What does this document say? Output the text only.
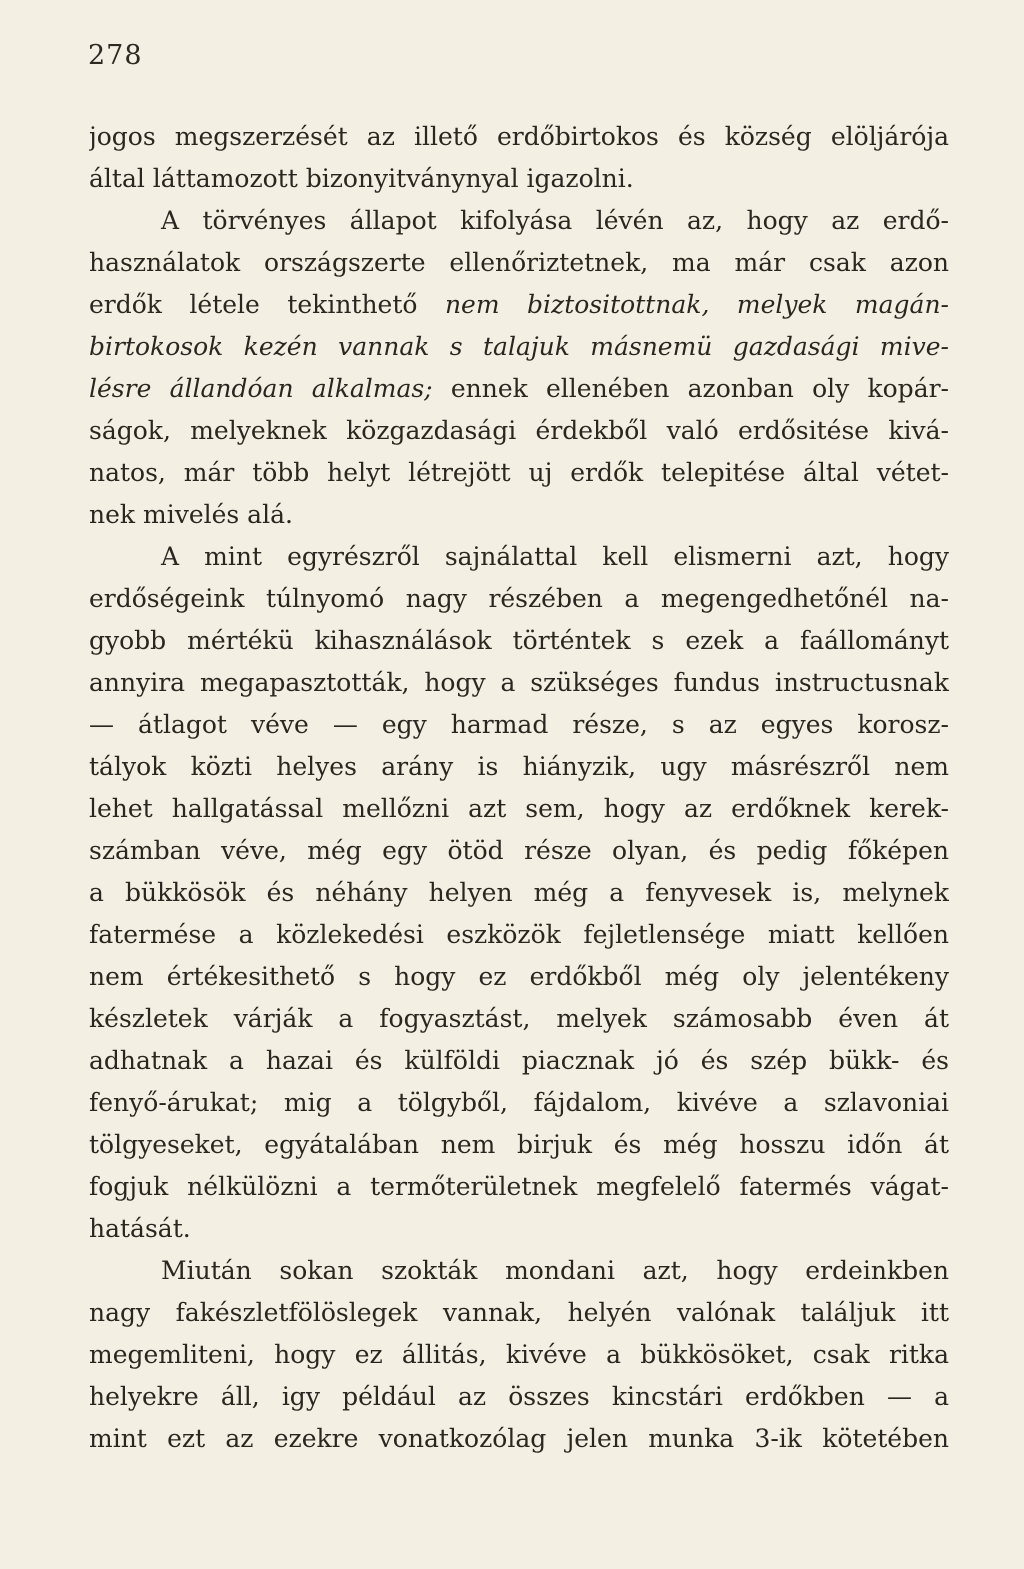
278
jogos megszerzését az illető erdőbirtokos és község elöljárója
által láttamozott bizonyitványnyal igazolni.
A törvényes állapot kifolyása lévén az, hogy az erdő-
használatok országszerte ellenőriztetnek, ma már csak azon
erdők létele tekinthető nem biztositottnak, melyek magán-
birtokosok kezén vannak s talajuk másnemü gazdasági mive-
lésre állandóan alkalmas; ennek ellenében azonban oly kopár-
ságok, melyeknek közgazdasági érdekből való erdősitése kivá-
natos, már több helyt létrejött uj erdők telepitése által vétet-
nek mivelés alá.
A mint egyrészről sajnálattal kell elismerni azt, hogy
erdőségeink túlnyomó nagy részében a megengedhetőnél na-
gyobb mértékü kihasználások történtek s ezek a faállományt
annyira megapasztották, hogy a szükséges fundus instructusnak
— átlagot véve — egy harmad része, s az egyes korosz-
tályok közti helyes arány is hiányzik, ugy másrészről nem
lehet hallgatással mellőzni azt sem, hogy az erdőknek kerek-
számban véve, még egy ötöd része olyan, és pedig főképen
a bükkösök és néhány helyen még a fenyvesek is, melynek
fatermése a közlekedési eszközök fejletlensége miatt kellően
nem értékesithető s hogy ez erdőkből még oly jelentékeny
készletek várják a fogyasztást, melyek számosabb éven át
adhatnak a hazai és külföldi piacznak jó és szép bükk- és
fenyő-árukat; mig a tölgyből, fájdalom, kivéve a szlavoniai
tölgyeseket, egyátalában nem birjuk és még hosszu időn át
fogjuk nélkülözni a termőterületnek megfelelő fatermés vágat-
hatását.
Miután sokan szokták mondani azt, hogy erdeinkben
nagy fakészletfölöslegek vannak, helyén valónak találjuk itt
megemliteni, hogy ez állitás, kivéve a bükkösöket, csak ritka
helyekre áll, igy például az összes kincstári erdőkben — a
mint ezt az ezekre vonatkozólag jelen munka 3-ik kötetében
